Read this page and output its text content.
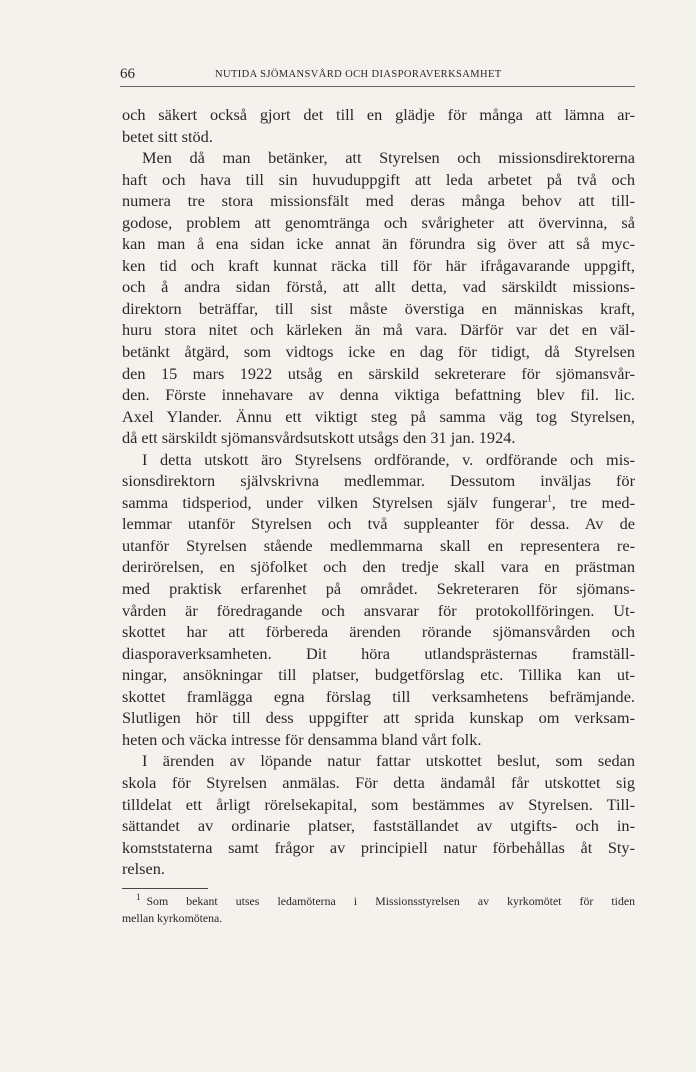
66	NUTIDA SJÖMANSVÅRD OCH DIASPORAVERKSAMHET
och säkert också gjort det till en glädje för många att lämna ar-
betet sitt stöd.
Men då man betänker, att Styrelsen och missionsdirektorerna
haft och hava till sin huvuduppgift att leda arbetet på två och
numera tre stora missionsfält med deras många behov att till-
godose, problem att genomtränga och svårigheter att övervinna, så
kan man å ena sidan icke annat än förundra sig över att så myc-
ken tid och kraft kunnat räcka till för här ifrågavarande uppgift,
och å andra sidan förstå, att allt detta, vad särskildt missions-
direktorn beträffar, till sist måste överstiga en människas kraft,
huru stora nitet och kärleken än må vara. Därför var det en väl-
betänkt åtgärd, som vidtogs icke en dag för tidigt, då Styrelsen
den 15 mars 1922 utsåg en särskild sekreterare för sjömansvår-
den. Förste innehavare av denna viktiga befattning blev fil. lic.
Axel Ylander. Ännu ett viktigt steg på samma väg tog Styrelsen,
då ett särskildt sjömansvårdsutskott utsågs den 31 jan. 1924.
I detta utskott äro Styrelsens ordförande, v. ordförande och mis-
sionsdirektorn självskrivna medlemmar. Dessutom inväljas för
samma tidsperiod, under vilken Styrelsen själv fungerar$^1$, tre med-
lemmar utanför Styrelsen och två suppleanter för dessa. Av de
utanför Styrelsen stående medlemmarna skall en representera re-
derirörelsen, en sjöfolket och den tredje skall vara en prästman
med praktisk erfarenhet på området. Sekreteraren för sjömans-
vården är föredragande och ansvarar för protokollföringen. Ut-
skottet har att förbereda ärenden rörande sjömansvården och
diasporaverksamheten. Dit höra utlandsprästernas framställ-
ningar, ansökningar till platser, budgetförslag etc. Tillika kan ut-
skottet framlägga egna förslag till verksamhetens befrämjande.
Slutligen hör till dess uppgifter att sprida kunskap om verksam-
heten och väcka intresse för densamma bland vårt folk.
I ärenden av löpande natur fattar utskottet beslut, som sedan
skola för Styrelsen anmälas. För detta ändamål får utskottet sig
tilldelat ett årligt rörelsekapital, som bestämmes av Styrelsen. Till-
sättandet av ordinarie platser, fastställandet av utgifts- och in-
komststaterna samt frågor av principiell natur förbehållas åt Sty-
relsen.
$^1$ Som bekant utses ledamöterna i Missionsstyrelsen av kyrkomötet för tiden
mellan kyrkomötena.
